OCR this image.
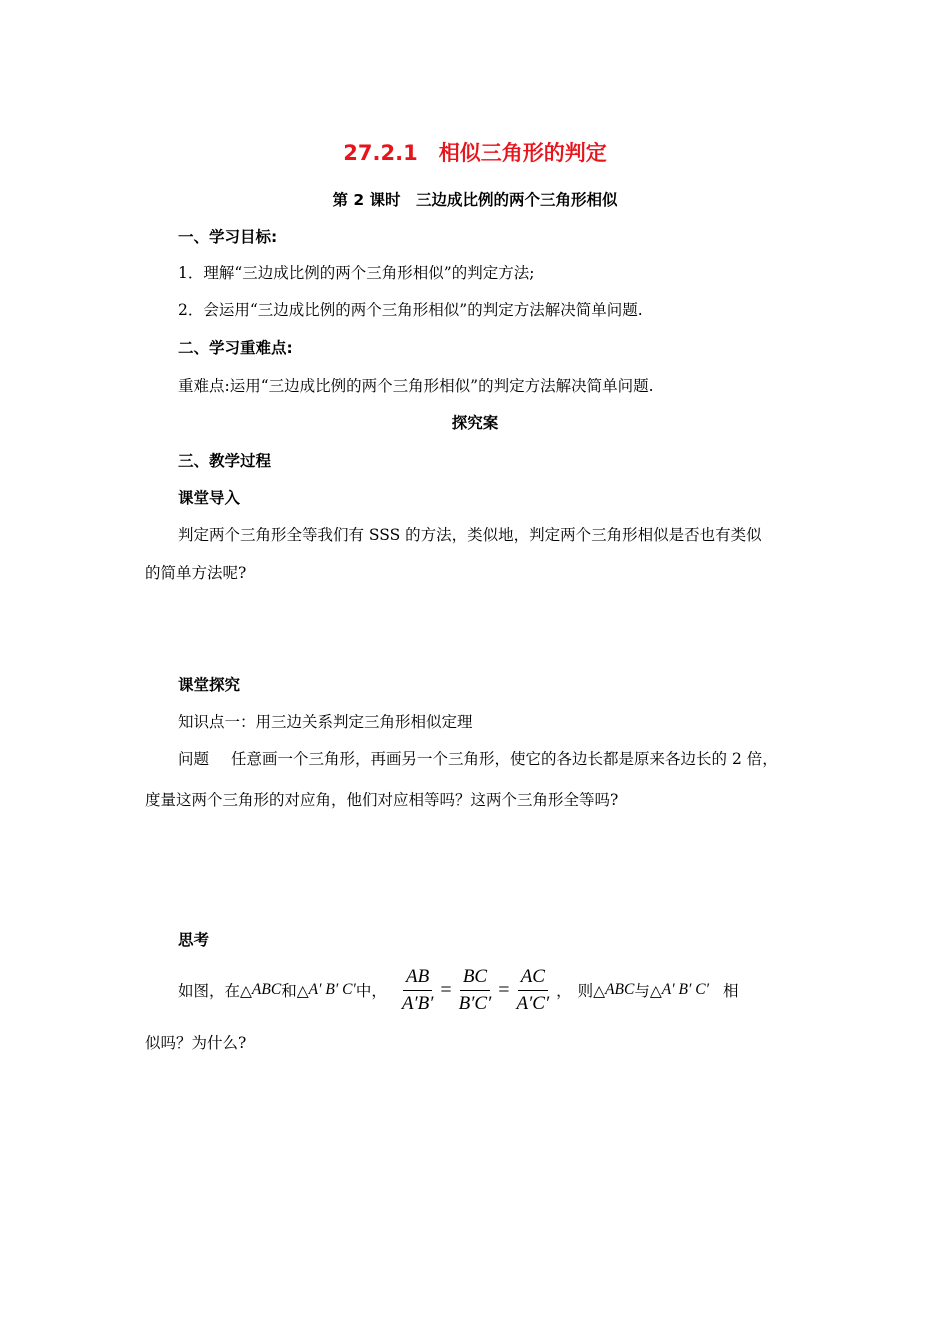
27.2.1　相似三角形的判定
第 2 课时　三边成比例的两个三角形相似
一、学习目标:
1．理解“三边成比例的两个三角形相似”的判定方法;
2．会运用“三边成比例的两个三角形相似”的判定方法解决简单问题.
二、学习重难点:
重难点:运用“三边成比例的两个三角形相似”的判定方法解决简单问题.
探究案
三、教学过程
课堂导入
判定两个三角形全等我们有 SSS 的方法，类似地，判定两个三角形相似是否也有类似
的简单方法呢?
课堂探究
知识点一：用三边关系判定三角形相似定理
问题 任意画一个三角形，再画另一个三角形，使它的各边长都是原来各边长的 2 倍，
度量这两个三角形的对应角，他们对应相等吗？这两个三角形全等吗?
思考
如图，在△ ABC 和△ A′ B′ C′ 中， $\frac{AB}{A'B'} = \frac{BC}{B'C'} = \frac{AC}{A'C'}$ ， 则△ ABC 与△ A′ B′ C′ 相
似吗？为什么?
